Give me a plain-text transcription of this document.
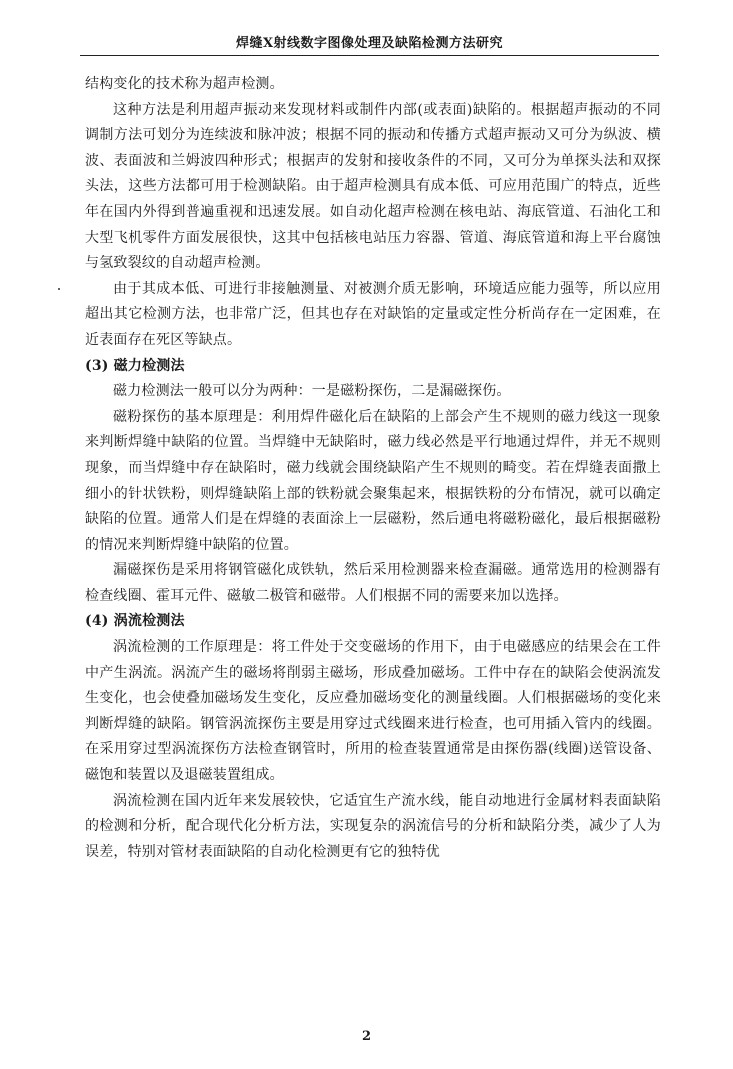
焊缝X射线数字图像处理及缺陷检测方法研究

结构变化的技术称为超声检测。

这种方法是利用超声振动来发现材料或制件内部(或表面)缺陷的。根据超声振动的不同调制方法可划分为连续波和脉冲波；根据不同的振动和传播方式超声振动又可分为纵波、横波、表面波和兰姆波四种形式；根据声的发射和接收条件的不同，又可分为单探头法和双探头法，这些方法都可用于检测缺陷。由于超声检测具有成本低、可应用范围广的特点，近些年在国内外得到普遍重视和迅速发展。如自动化超声检测在核电站、海底管道、石油化工和大型飞机零件方面发展很快，这其中包括核电站压力容器、管道、海底管道和海上平台腐蚀与氢致裂纹的自动超声检测。

由于其成本低、可进行非接触测量、对被测介质无影响，环境适应能力强等，所以应用超出其它检测方法，也非常广泛，但其也存在对缺馅的定量或定性分析尚存在一定困难，在近表面存在死区等缺点。

(3) 磁力检测法

磁力检测法一般可以分为两种：一是磁粉探伤，二是漏磁探伤。

磁粉探伤的基本原理是：利用焊件磁化后在缺陷的上部会产生不规则的磁力线这一现象来判断焊缝中缺陷的位置。当焊缝中无缺陷时，磁力线必然是平行地通过焊件，并无不规则现象，而当焊缝中存在缺陷时，磁力线就会围绕缺陷产生不规则的畸变。若在焊缝表面撒上细小的针状铁粉，则焊缝缺陷上部的铁粉就会聚集起来，根据铁粉的分布情况，就可以确定缺陷的位置。通常人们是在焊缝的表面涂上一层磁粉，然后通电将磁粉磁化，最后根据磁粉的情况来判断焊缝中缺陷的位置。

漏磁探伤是采用将钢管磁化成铁轨，然后采用检测器来检查漏磁。通常选用的检测器有检查线圈、霍耳元件、磁敏二极管和磁带。人们根据不同的需要来加以选择。

(4) 涡流检测法

涡流检测的工作原理是：将工件处于交变磁场的作用下，由于电磁感应的结果会在工件中产生涡流。涡流产生的磁场将削弱主磁场，形成叠加磁场。工件中存在的缺陷会使涡流发生变化，也会使叠加磁场发生变化，反应叠加磁场变化的测量线圈。人们根据磁场的变化来判断焊缝的缺陷。钢管涡流探伤主要是用穿过式线圈来进行检查，也可用插入管内的线圈。在采用穿过型涡流探伤方法检查钢管时，所用的检查装置通常是由探伤器(线圈)送管设备、磁饱和装置以及退磁装置组成。

涡流检测在国内近年来发展较快，它适宜生产流水线，能自动地进行金属材料表面缺陷的检测和分析，配合现代化分析方法，实现复杂的涡流信号的分析和缺陷分类，减少了人为误差，特别对管材表面缺陷的自动化检测更有它的独特优

2
